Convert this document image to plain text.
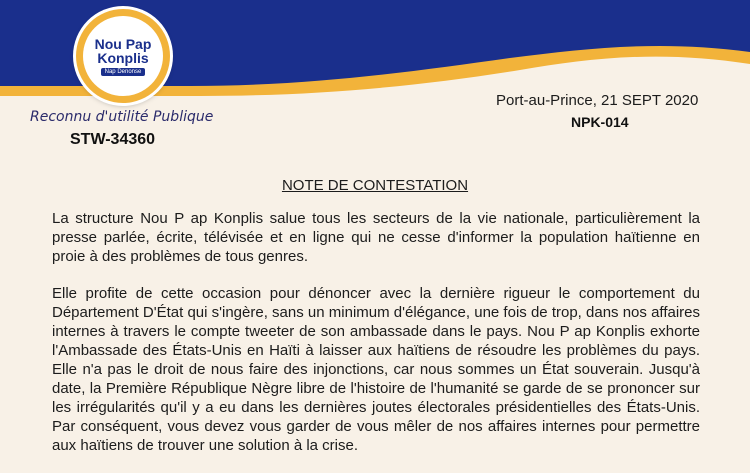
Nou Pap
Konplis
Nap Denonse
Reconnu d'utilité Publique
STW-34360
Port-au-Prince, 21 SEPT 2020
NPK-014
NOTE DE CONTESTATION

La structure Nou P ap Konplis salue tous les secteurs de la vie nationale, particulièrement la presse parlée, écrite, télévisée et en ligne qui ne cesse d'informer la population haïtienne en proie à des problèmes de tous genres.

Elle profite de cette occasion pour dénoncer avec la dernière rigueur le comportement du Département D'État qui s'ingère, sans un minimum d'élégance, une fois de trop, dans nos affaires internes à travers le compte tweeter de son ambassade dans le pays. Nou P ap Konplis exhorte l'Ambassade des États-Unis en Haïti à laisser aux haïtiens de résoudre les problèmes du pays. Elle n'a pas le droit de nous faire des injonctions, car nous sommes un État souverain. Jusqu'à date, la Première République Nègre libre de l'histoire de l'humanité se garde de se prononcer sur les irrégularités qu'il y a eu dans les dernières joutes électorales présidentielles des États-Unis. Par conséquent, vous devez vous garder de vous mêler de nos affaires internes pour permettre aux haïtiens de trouver une solution à la crise.
